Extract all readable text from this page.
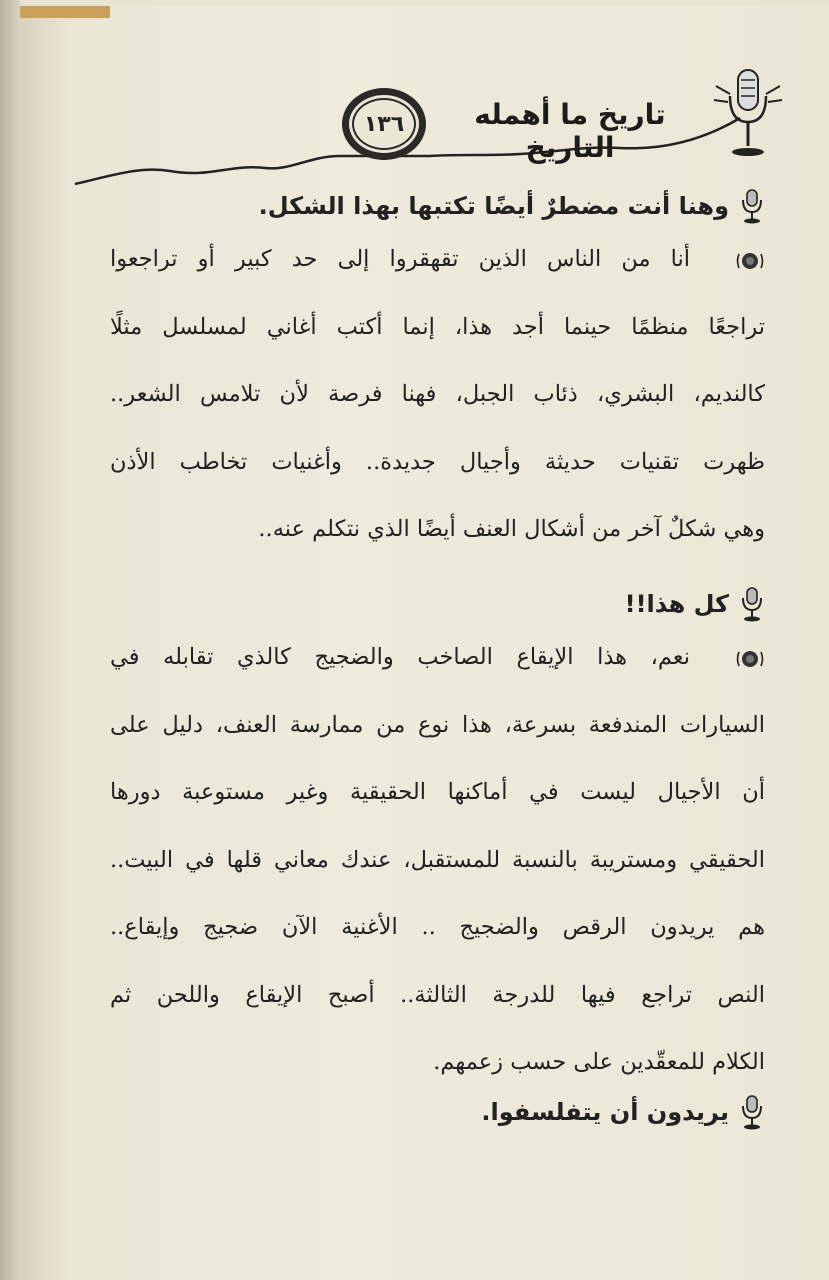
١٣٦	تاريخ ما أهمله التاريخ
وهنا أنت مضطرٌ أيضًا تكتبها بهذا الشكل.
أنا من الناس الذين تقهقروا إلى حد كبير أو تراجعوا
تراجعًا منظمًا حينما أجد هذا، إنما أكتب أغاني لمسلسل مثلًا
كالنديم، البشري، ذئاب الجبل، فهنا فرصة لأن تلامس الشعر..
ظهرت تقنيات حديثة وأجيال جديدة.. وأغنيات تخاطب الأذن
وهي شكلٌ آخر من أشكال العنف أيضًا الذي نتكلم عنه..
كل هذا!!
نعم، هذا الإيقاع الصاخب والضجيج كالذي تقابله في
السيارات المندفعة بسرعة، هذا نوع من ممارسة العنف، دليل على
أن الأجيال ليست في أماكنها الحقيقية وغير مستوعبة دورها
الحقيقي ومستريبة بالنسبة للمستقبل، عندك معاني قلها في البيت..
هم يريدون الرقص والضجيج .. الأغنية الآن ضجيج وإيقاع..
النص تراجع فيها للدرجة الثالثة.. أصبح الإيقاع واللحن ثم
الكلام للمعقّدين على حسب زعمهم.
يريدون أن يتفلسفوا.
